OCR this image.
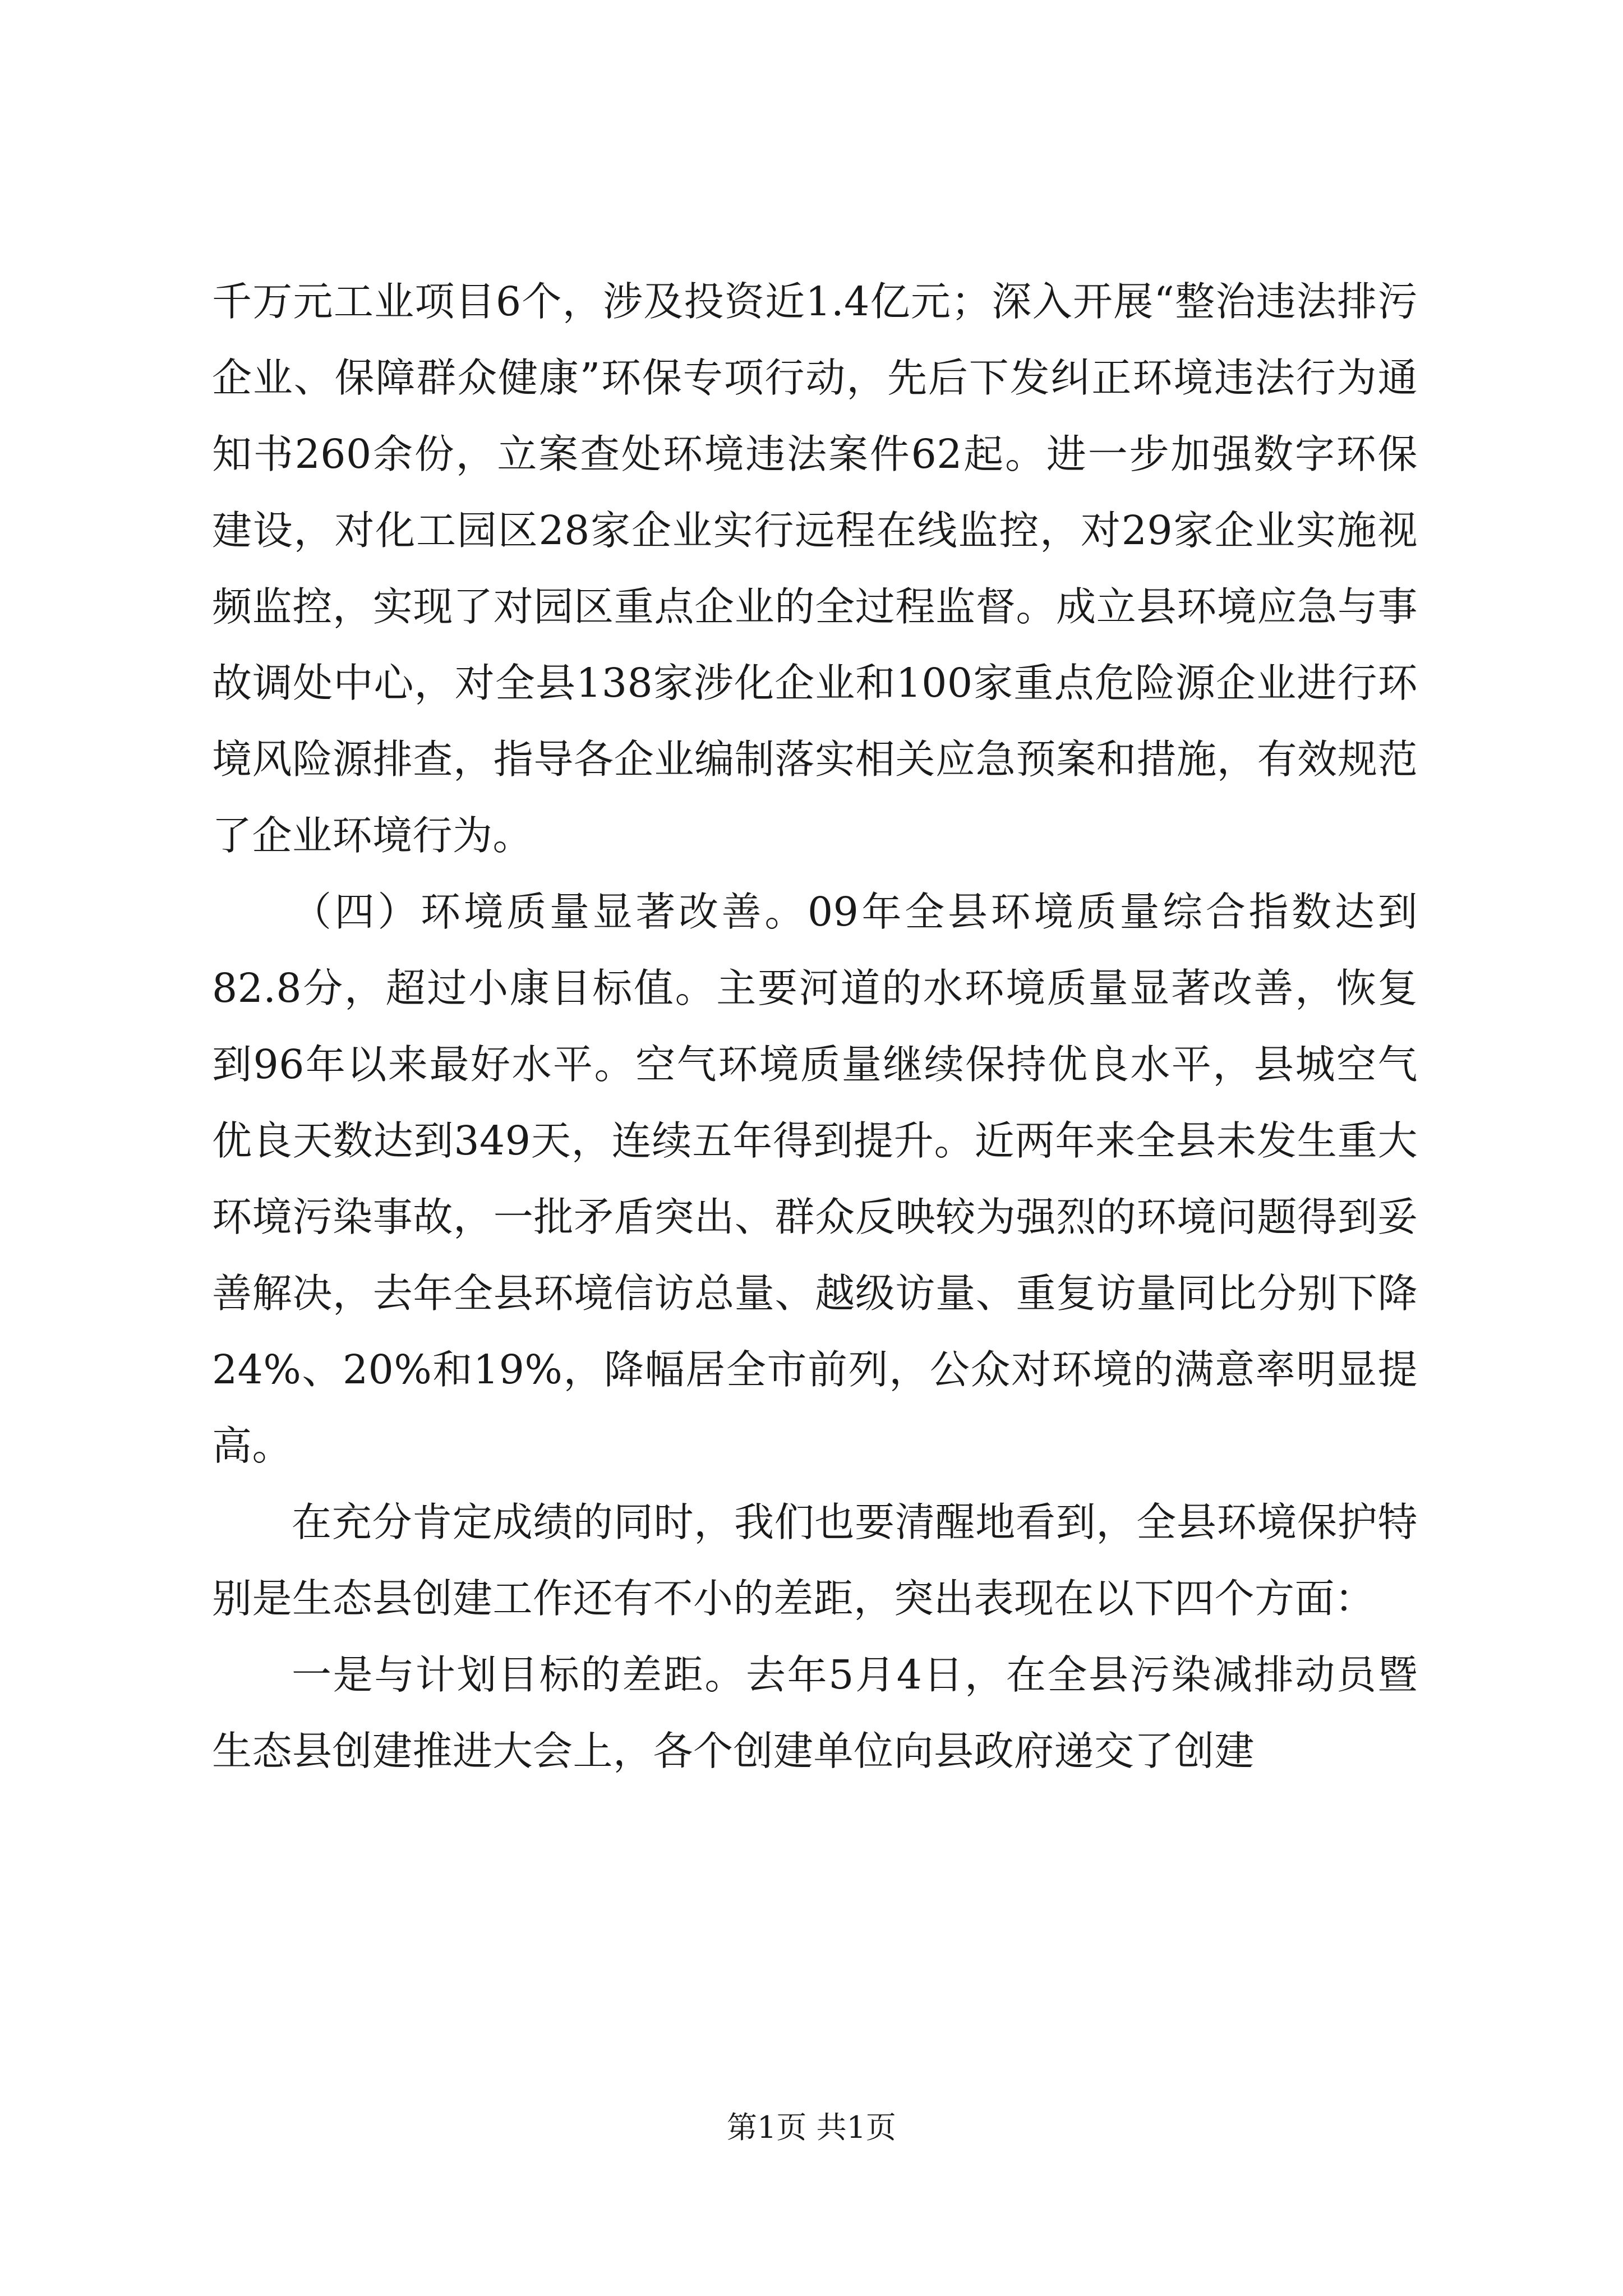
千万元工业项目6个，涉及投资近1.4亿元；深入开展“整治违法排污企业、保障群众健康”环保专项行动，先后下发纠正环境违法行为通知书260余份，立案查处环境违法案件62起。进一步加强数字环保建设，对化工园区28家企业实行远程在线监控，对29家企业实施视频监控，实现了对园区重点企业的全过程监督。成立县环境应急与事故调处中心，对全县138家涉化企业和100家重点危险源企业进行环境风险源排查，指导各企业编制落实相关应急预案和措施，有效规范了企业环境行为。

（四）环境质量显著改善。09年全县环境质量综合指数达到82.8分，超过小康目标值。主要河道的水环境质量显著改善，恢复到96年以来最好水平。空气环境质量继续保持优良水平，县城空气优良天数达到349天，连续五年得到提升。近两年来全县未发生重大环境污染事故，一批矛盾突出、群众反映较为强烈的环境问题得到妥善解决，去年全县环境信访总量、越级访量、重复访量同比分别下降24%、20%和19%，降幅居全市前列，公众对环境的满意率明显提高。

在充分肯定成绩的同时，我们也要清醒地看到，全县环境保护特别是生态县创建工作还有不小的差距，突出表现在以下四个方面：

一是与计划目标的差距。去年5月4日，在全县污染减排动员暨生态县创建推进大会上，各个创建单位向县政府递交了创建

第1页 共1页
